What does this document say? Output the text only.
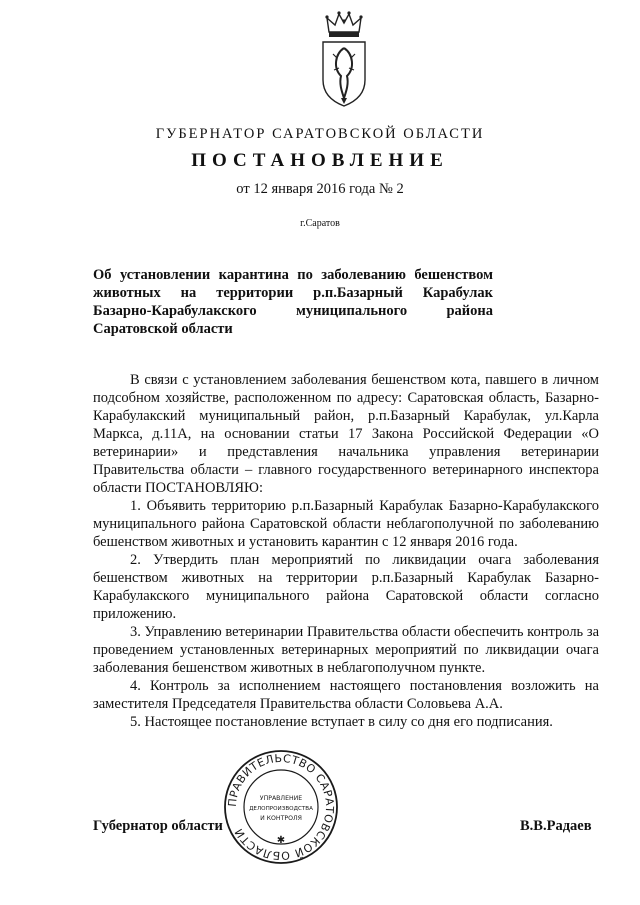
ГУБЕРНАТОР САРАТОВСКОЙ ОБЛАСТИ
ПОСТАНОВЛЕНИЕ
от 12 января 2016 года № 2
г.Саратов
Об установлении карантина по заболеванию бешенством
животных на территории р.п.Базарный Карабулак
Базарно-Карабулакского муниципального района
Саратовской области

В связи с установлением заболевания бешенством кота, павшего в личном подсобном хозяйстве, расположенном по адресу: Саратовская область, Базарно-Карабулакский муниципальный район, р.п.Базарный Карабулак, ул.Карла Маркса, д.11А, на основании статьи 17 Закона Российской Федерации «О ветеринарии» и представления начальника управления ветеринарии Правительства области – главного государственного ветеринарного инспектора области ПОСТАНОВЛЯЮ:

1. Объявить территорию р.п.Базарный Карабулак Базарно-Карабулакского муниципального района Саратовской области неблагополучной по заболеванию бешенством животных и установить карантин с 12 января 2016 года.

2. Утвердить план мероприятий по ликвидации очага заболевания бешенством животных на территории р.п.Базарный Карабулак Базарно-Карабулакского муниципального района Саратовской области согласно приложению.

3. Управлению ветеринарии Правительства области обеспечить контроль за проведением установленных ветеринарных мероприятий по ликвидации очага заболевания бешенством животных в неблагополучном пункте.

4. Контроль за исполнением настоящего постановления возложить на заместителя Председателя Правительства области Соловьева А.А.

5. Настоящее постановление вступает в силу со дня его подписания.

Губернатор области	В.В.Радаев
ПРАВИТЕЛЬСТВО САРАТОВСКОЙ ОБЛАСТИ
✱
УПРАВЛЕНИЕ
ДЕЛОПРОИЗВОДСТВА
И КОНТРОЛЯ
